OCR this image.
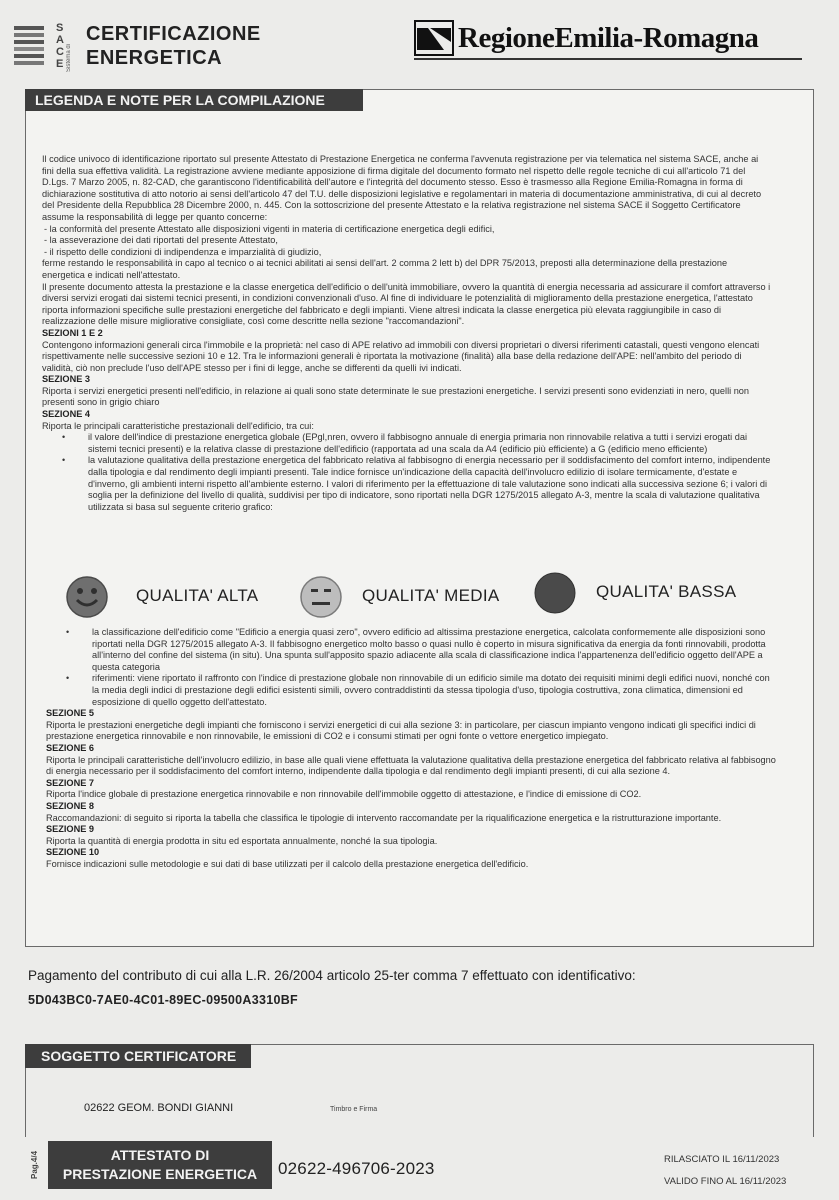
S
A
C
E Sistema di
CERTIFICAZIONE
ENERGETICA
RegioneEmilia-Romagna
LEGENDA E NOTE PER LA COMPILAZIONE

Il codice univoco di identificazione riportato sul presente Attestato di Prestazione Energetica ne conferma l'avvenuta registrazione per via telematica nel sistema SACE, anche ai fini della sua effettiva validità. La registrazione avviene mediante apposizione di firma digitale del documento formato nel rispetto delle regole tecniche di cui all'articolo 71 del D.Lgs. 7 Marzo 2005, n. 82-CAD, che garantiscono l'identificabilità dell'autore e l'integrità del documento stesso. Esso è trasmesso alla Regione Emilia-Romagna in forma di dichiarazione sostitutiva di atto notorio ai sensi dell'articolo 47 del T.U. delle disposizioni legislative e regolamentari in materia di documentazione amministrativa, di cui al decreto del Presidente della Repubblica 28 Dicembre 2000, n. 445. Con la sottoscrizione del presente Attestato e la relativa registrazione nel sistema SACE il Soggetto Certificatore assume la responsabilità di legge per quanto concerne:

- la conformità del presente Attestato alle disposizioni vigenti in materia di certificazione energetica degli edifici,

- la asseverazione dei dati riportati del presente Attestato,

- il rispetto delle condizioni di indipendenza e imparzialità di giudizio,

ferme restando le responsabilità in capo al tecnico o ai tecnici abilitati ai sensi dell'art. 2 comma 2 lett b) del DPR 75/2013, preposti alla determinazione della prestazione energetica e indicati nell'attestato.

Il presente documento attesta la prestazione e la classe energetica dell'edificio o dell'unità immobiliare, ovvero la quantità di energia necessaria ad assicurare il comfort attraverso i diversi servizi erogati dai sistemi tecnici presenti, in condizioni convenzionali d'uso. Al fine di individuare le potenzialità di miglioramento della prestazione energetica, l'attestato riporta informazioni specifiche sulle prestazioni energetiche del fabbricato e degli impianti. Viene altresì indicata la classe energetica più elevata raggiungibile in caso di realizzazione delle misure migliorative consigliate, così come descritte nella sezione "raccomandazioni".

SEZIONI 1 E 2

Contengono informazioni generali circa l'immobile e la proprietà: nel caso di APE relativo ad immobili con diversi proprietari o diversi riferimenti catastali, questi vengono elencati rispettivamente nelle successive sezioni 10 e 12. Tra le informazioni generali è riportata la motivazione (finalità) alla base della redazione dell'APE: nell'ambito del periodo di validità, ciò non preclude l'uso dell'APE stesso per i fini di legge, anche se differenti da quelli ivi indicati.

SEZIONE 3

Riporta i servizi energetici presenti nell'edificio, in relazione ai quali sono state determinate le sue prestazioni energetiche. I servizi presenti sono evidenziati in nero, quelli non presenti sono in grigio chiaro

SEZIONE 4

Riporta le principali caratteristiche prestazionali dell'edificio, tra cui:

• il valore dell'indice di prestazione energetica globale (EPgl,nren, ovvero il fabbisogno annuale di energia primaria non rinnovabile relativa a tutti i servizi erogati dai sistemi tecnici presenti) e la relativa classe di prestazione dell'edificio (rapportata ad una scala da A4 (edificio più efficiente) a G (edificio meno efficiente)
• la valutazione qualitativa della prestazione energetica del fabbricato relativa al fabbisogno di energia necessario per il soddisfacimento del comfort interno, indipendente dalla tipologia e dal rendimento degli impianti presenti. Tale indice fornisce un'indicazione della capacità dell'involucro edilizio di isolare termicamente, d'estate e d'inverno, gli ambienti interni rispetto all'ambiente esterno. I valori di riferimento per la effettuazione di tale valutazione sono indicati alla successiva sezione 6; i valori di soglia per la definizione del livello di qualità, suddivisi per tipo di indicatore, sono riportati nella DGR 1275/2015 allegato A-3, mentre la scala di valutazione qualitativa utilizzata si basa sul seguente criterio grafico:
QUALITA' ALTA	QUALITA' MEDIA	QUALITA' BASSA
• la classificazione dell'edificio come "Edificio a energia quasi zero", ovvero edificio ad altissima prestazione energetica, calcolata conformemente alle disposizioni sono riportati nella DGR 1275/2015 allegato A-3. Il fabbisogno energetico molto basso o quasi nullo è coperto in misura significativa da energia da fonti rinnovabili, prodotta all'interno del confine del sistema (in situ). Una spunta sull'apposito spazio adiacente alla scala di classificazione indica l'appartenenza dell'edificio oggetto dell'APE a questa categoria
• riferimenti: viene riportato il raffronto con l'indice di prestazione globale non rinnovabile di un edificio simile ma dotato dei requisiti minimi degli edifici nuovi, nonché con la media degli indici di prestazione degli edifici esistenti simili, ovvero contraddistinti da stessa tipologia d'uso, tipologia costruttiva, zona climatica, dimensioni ed esposizione di quello oggetto dell'attestato.

SEZIONE 5

Riporta le prestazioni energetiche degli impianti che forniscono i servizi energetici di cui alla sezione 3: in particolare, per ciascun impianto vengono indicati gli specifici indici di prestazione energetica rinnovabile e non rinnovabile, le emissioni di CO2 e i consumi stimati per ogni fonte o vettore energetico impiegato.

SEZIONE 6

Riporta le principali caratteristiche dell'involucro edilizio, in base alle quali viene effettuata la valutazione qualitativa della prestazione energetica del fabbricato relativa al fabbisogno di energia necessario per il soddisfacimento del comfort interno, indipendente dalla tipologia e dal rendimento degli impianti presenti, di cui alla sezione 4.

SEZIONE 7

Riporta l'indice globale di prestazione energetica rinnovabile e non rinnovabile dell'immobile oggetto di attestazione, e l'indice di emissione di CO2.

SEZIONE 8

Raccomandazioni: di seguito si riporta la tabella che classifica le tipologie di intervento raccomandate per la riqualificazione energetica e la ristrutturazione importante.

SEZIONE 9

Riporta la quantità di energia prodotta in situ ed esportata annualmente, nonché la sua tipologia.

SEZIONE 10

Fornisce indicazioni sulle metodologie e sui dati di base utilizzati per il calcolo della prestazione energetica dell'edificio.

Pagamento del contributo di cui alla L.R. 26/2004 articolo 25-ter comma 7 effettuato con identificativo:
5D043BC0-7AE0-4C01-89EC-09500A3310BF
SOGGETTO CERTIFICATORE
02622 GEOM. BONDI GIANNI	Timbro e Firma
Pag.4/4	ATTESTATO DI
PRESTAZIONE ENERGETICA	02622-496706-2023	RILASCIATO IL 16/11/2023
VALIDO FINO AL 16/11/2023
